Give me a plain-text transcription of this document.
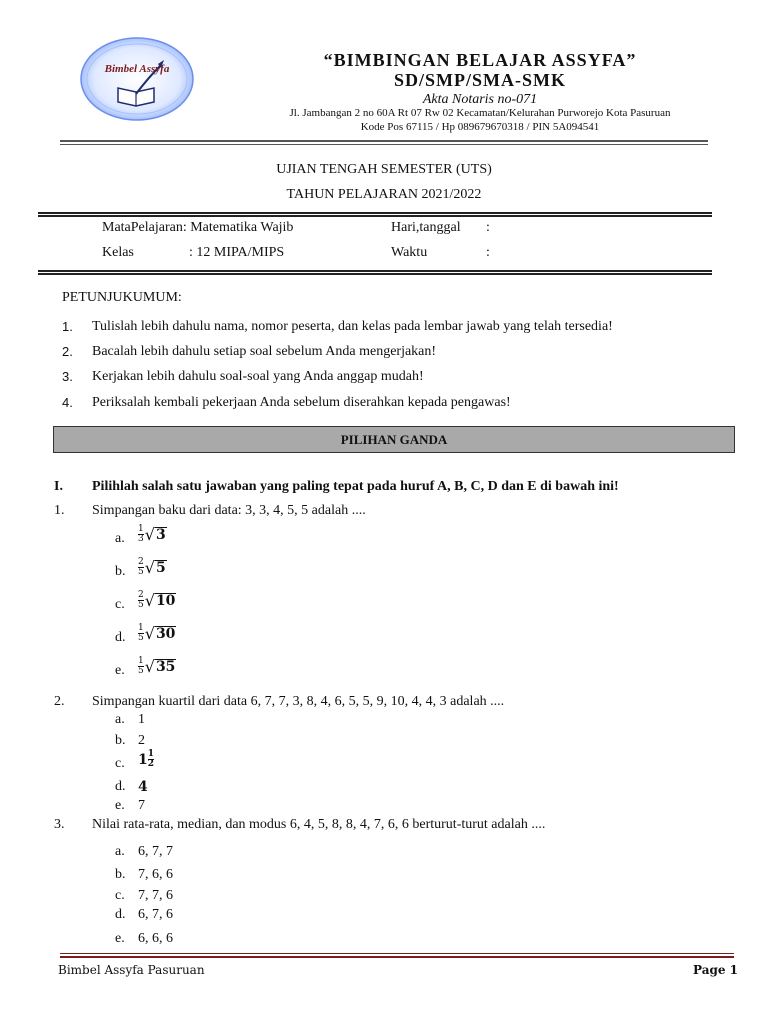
Bimbel Assyfa	“BIMBINGAN BELAJAR ASSYFA”
SD/SMP/SMA-SMK
Akta Notaris no-071
Jl. Jambangan 2 no 60A Rt 07 Rw 02 Kecamatan/Kelurahan Purworejo Kota Pasuruan
Kode Pos 67115 / Hp 089679670318 / PIN 5A094541
UJIAN TENGAH SEMESTER (UTS)
TAHUN PELAJARAN 2021/2022
MataPelajaran: Matematika Wajib	Hari,tanggal :
Kelas	: 12 MIPA/MIPS	Waktu	:
PETUNJUKUMUM:
1. Tulislah lebih dahulu nama, nomor peserta, dan kelas pada lembar jawab yang telah tersedia!
2. Bacalah lebih dahulu setiap soal sebelum Anda mengerjakan!
3. Kerjakan lebih dahulu soal-soal yang Anda anggap mudah!
4. Periksalah kembali pekerjaan Anda sebelum diserahkan kepada pengawas!
PILIHAN GANDA
I. Pilihlah salah satu jawaban yang paling tepat pada huruf A, B, C, D dan E di bawah ini!
1. Simpangan baku dari data: 3, 3, 4, 5, 5 adalah ....
a. $\frac{1}{3}$ √ 3
b. $\frac{2}{5}$ √ 5
c. $\frac{2}{5}$ √ 10
d. $\frac{1}{5}$ √ 30
e. $\frac{1}{5}$ √ 35
2. Simpangan kuartil dari data 6, 7, 7, 3, 8, 4, 6, 5, 5, 9, 10, 4, 4, 3 adalah ....
a. 1
b. 2
c. $1 \frac{1}{2}$
d. 4
e. 7
3. Nilai rata-rata, median, dan modus 6, 4, 5, 8, 8, 4, 7, 6, 6 berturut-turut adalah ....
a. 6, 7, 7
b. 7, 6, 6
c. 7, 7, 6
d. 6, 7, 6
e. 6, 6, 6
Bimbel Assyfa Pasuruan	Page 1
